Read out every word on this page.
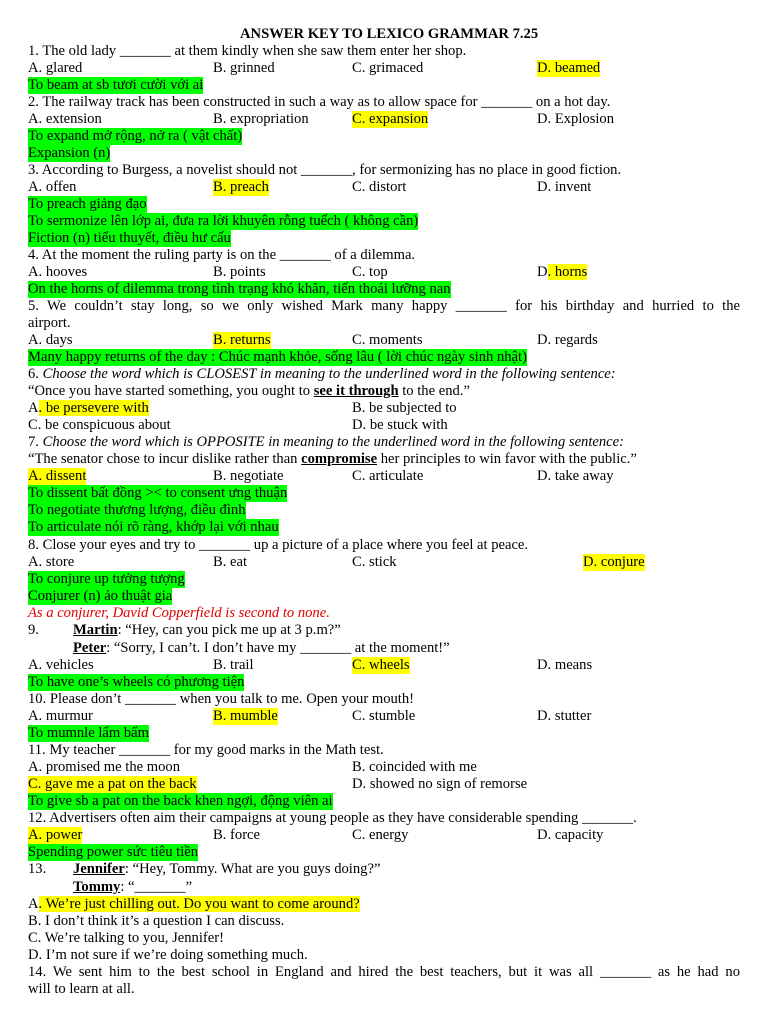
ANSWER KEY TO LEXICO GRAMMAR 7.25
1. The old lady _______ at them kindly when she saw them enter her shop.
A. glared	B. grinned	C. grimaced	D. beamed
To beam at sb tươi cười với ai
2. The railway track has been constructed in such a way as to allow space for _______ on a hot day.
A. extension	B. expropriation	C. expansion	D. Explosion
To expand mở rộng, nở ra ( vật chất)
Expansion (n)
3. According to Burgess, a novelist should not _______, for sermonizing has no place in good fiction.
A. offen	B. preach	C. distort	D. invent
To preach giảng đạo
To sermonize lên lớp ai, đưa ra lời khuyên rỗng tuếch ( không cần)
Fiction (n) tiểu thuyết, điều hư cấu
4. At the moment the ruling party is on the _______ of a dilemma.
A. hooves	B. points	C. top	D. horns
On the horns of dilemma trong tình trạng khó khăn, tiến thoái lưỡng nan
5. We couldn’t stay long, so we only wished Mark many happy _______ for his birthday and hurried to the
airport.
A. days	B. returns	C. moments	D. regards
Many happy returns of the day : Chúc mạnh khỏe, sống lâu ( lời chúc ngày sinh nhật)
6. Choose the word which is CLOSEST in meaning to the underlined word in the following sentence:
“Once you have started something, you ought to see it through to the end.”
A. be persevere with	B. be subjected to
C. be conspicuous about	D. be stuck with
7. Choose the word which is OPPOSITE in meaning to the underlined word in the following sentence:
“The senator chose to incur dislike rather than compromise her principles to win favor with the public.”
A. dissent	B. negotiate	C. articulate	D. take away
To dissent bất đồng >< to consent ưng thuận
To negotiate thương lượng, điều đình
To articulate nói rõ ràng, khớp lại với nhau
8. Close your eyes and try to _______ up a picture of a place where you feel at peace.
A. store	B. eat	C. stick	D. conjure
To conjure up tưởng tượng
Conjurer (n) ảo thuật gia
As a conjurer, David Copperfield is second to none.
9. Martin: “Hey, can you pick me up at 3 p.m?”
Peter: “Sorry, I can’t. I don’t have my _______ at the moment!”
A. vehicles	B. trail	C. wheels	D. means
To have one’s wheels có phương tiện
10. Please don’t _______ when you talk to me. Open your mouth!
A. murmur	B. mumble	C. stumble	D. stutter
To mumnle lẩm bẩm
11. My teacher _______ for my good marks in the Math test.
A. promised me the moon	B. coincided with me
C. gave me a pat on the back	D. showed no sign of remorse
To give sb a pat on the back khen ngợi, động viên ai
12. Advertisers often aim their campaigns at young people as they have considerable spending _______.
A. power	B. force	C. energy	D. capacity
Spending power sức tiêu tiền
13. Jennifer: “Hey, Tommy. What are you guys doing?”
Tommy: “_______”
A. We’re just chilling out. Do you want to come around?
B. I don’t think it’s a question I can discuss.
C. We’re talking to you, Jennifer!
D. I’m not sure if we’re doing something much.
14. We sent him to the best school in England and hired the best teachers, but it was all _______ as he had no
will to learn at all.
